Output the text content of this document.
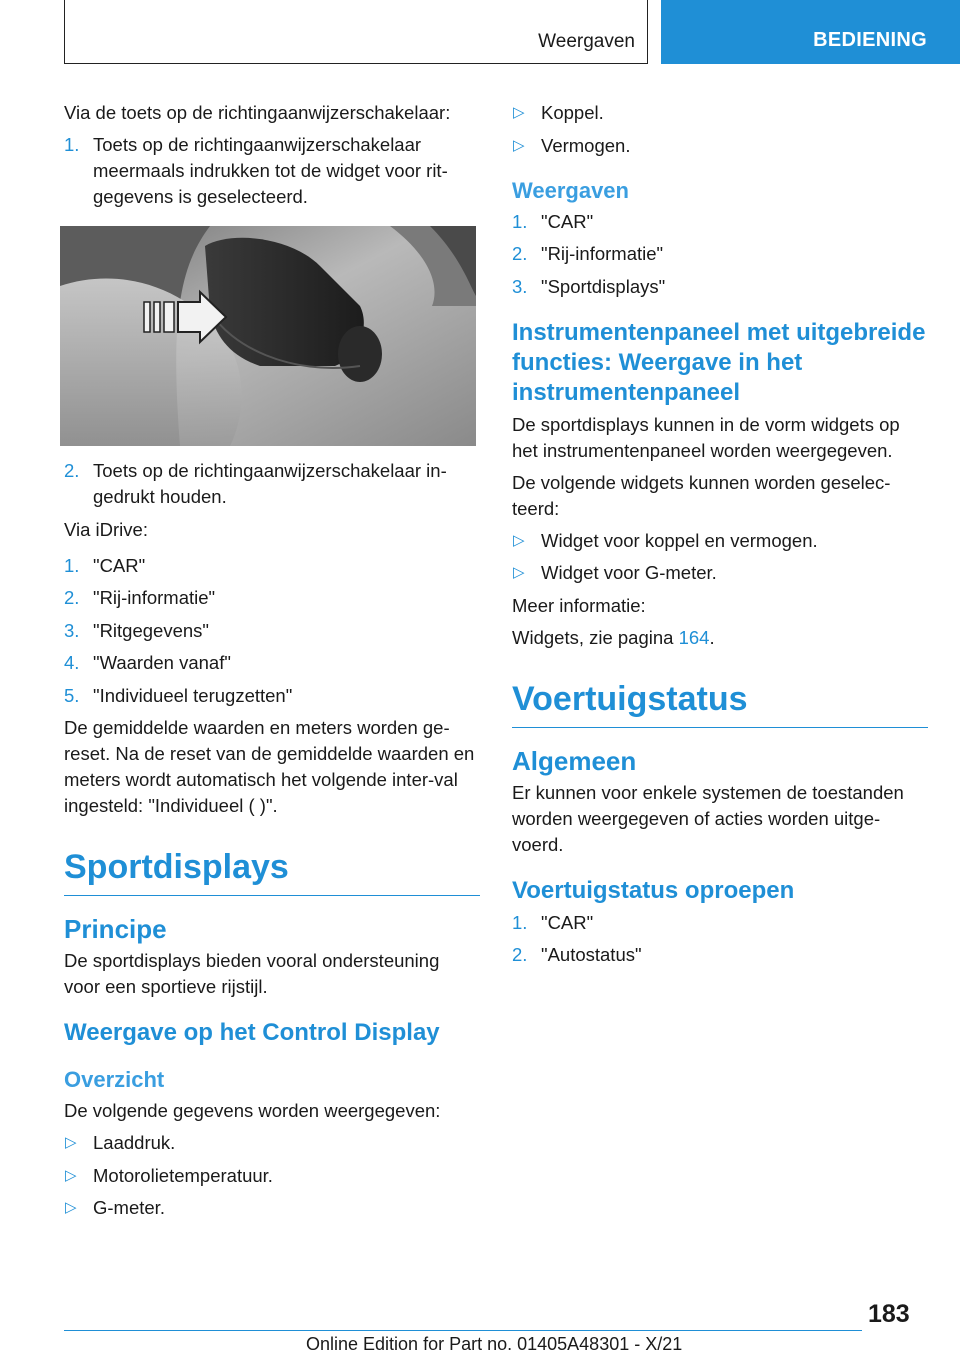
Weergaven	BEDIENING

Via de toets op de richtingaanwijzerschakelaar:

1. Toets op de richtingaanwijzerschakelaar meermaals indrukken tot de widget voor rit-gegevens is geselecteerd.
2. Toets op de richtingaanwijzerschakelaar in-gedrukt houden.

Via iDrive:

1. "CAR"
2. "Rij-informatie"
3. "Ritgegevens"
4. "Waarden vanaf"
5. "Individueel terugzetten"

De gemiddelde waarden en meters worden ge-reset. Na de reset van de gemiddelde waarden en meters wordt automatisch het volgende inter-val ingesteld: "Individueel ( )".

Sportdisplays
Principe

De sportdisplays bieden vooral ondersteuning voor een sportieve rijstijl.

Weergave op het Control Display
Overzicht

De volgende gegevens worden weergegeven:

▷ Laaddruk.
▷ Motorolietemperatuur.
▷ G-meter.
▷ Koppel.
▷ Vermogen.
Weergaven
1. "CAR"
2. "Rij-informatie"
3. "Sportdisplays"
Instrumentenpaneel met uitgebreide functies: Weergave in het instrumentenpaneel

De sportdisplays kunnen in de vorm widgets op het instrumentenpaneel worden weergegeven.

De volgende widgets kunnen worden geselec-teerd:

▷ Widget voor koppel en vermogen.
▷ Widget voor G-meter.

Meer informatie:

Widgets, zie pagina 164.

Voertuigstatus
Algemeen

Er kunnen voor enkele systemen de toestanden worden weergegeven of acties worden uitge-voerd.

Voertuigstatus oproepen
1. "CAR"
2. "Autostatus"
183
Online Edition for Part no. 01405A48301 - X/21
